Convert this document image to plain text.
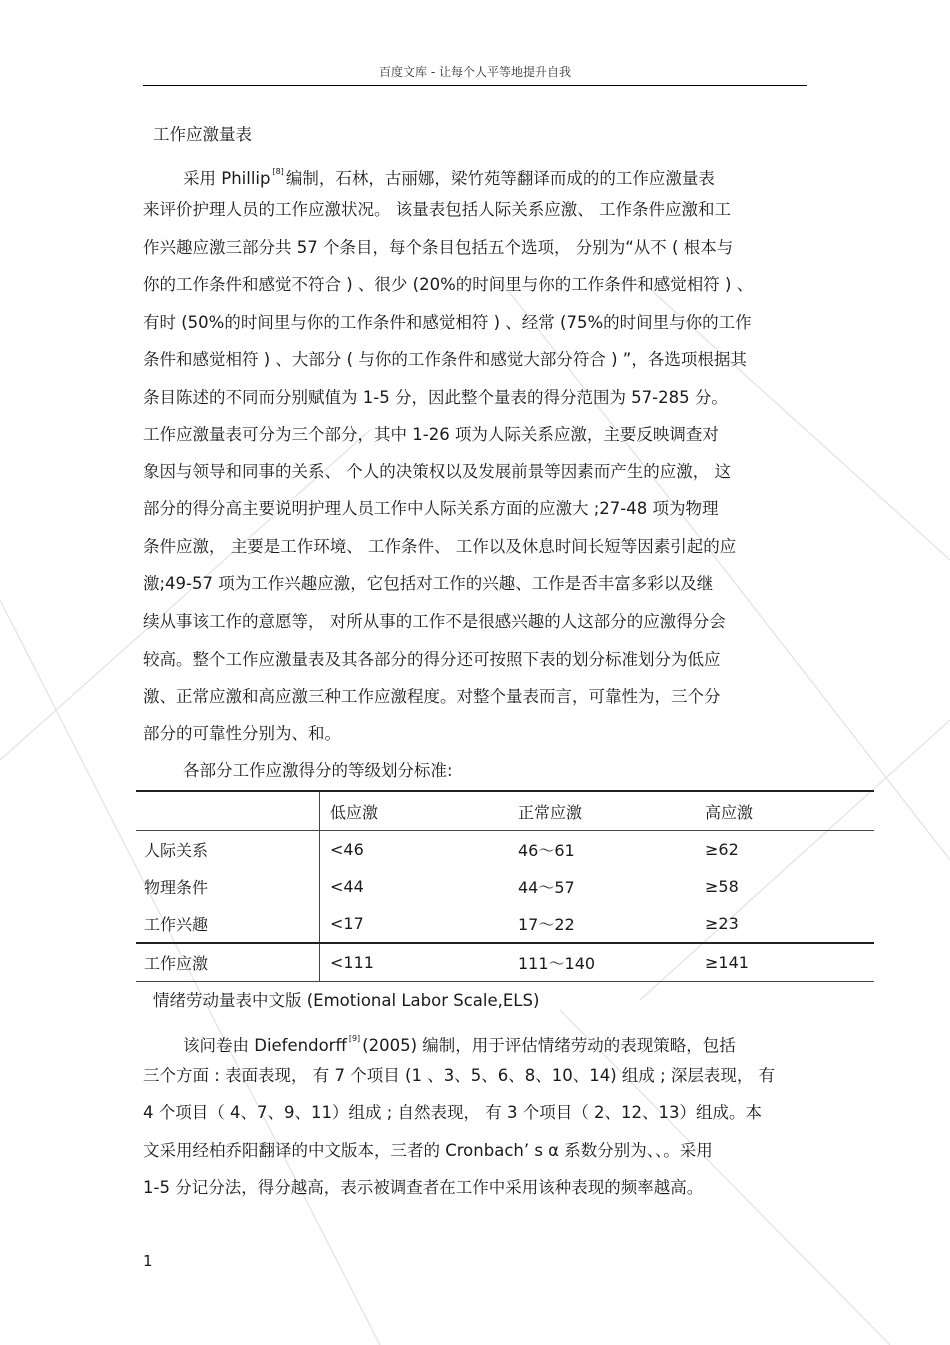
百度文库 - 让每个人平等地提升自我
工作应激量表
采用 Phillip [8] 编制，石林，古丽娜，梁竹苑等翻译而成的的工作应激量表
来评价护理人员的工作应激状况。 该量表包括人际关系应激、 工作条件应激和工
作兴趣应激三部分共 57 个条目，每个条目包括五个选项， 分别为“从不 ( 根本与
你的工作条件和感觉不符合 ) 、很少 (20%的时间里与你的工作条件和感觉相符 ) 、
有时 (50%的时间里与你的工作条件和感觉相符 ) 、经常 (75%的时间里与你的工作
条件和感觉相符 ) 、大部分 ( 与你的工作条件和感觉大部分符合 ) ”，各选项根据其
条目陈述的不同而分别赋值为 1-5 分，因此整个量表的得分范围为 57-285 分。
工作应激量表可分为三个部分，其中 1-26 项为人际关系应激，主要反映调查对
象因与领导和同事的关系、 个人的决策权以及发展前景等因素而产生的应激， 这
部分的得分高主要说明护理人员工作中人际关系方面的应激大 ;27-48 项为物理
条件应激， 主要是工作环境、 工作条件、 工作以及休息时间长短等因素引起的应
激;49-57 项为工作兴趣应激，它包括对工作的兴趣、工作是否丰富多彩以及继
续从事该工作的意愿等， 对所从事的工作不是很感兴趣的人这部分的应激得分会
较高。整个工作应激量表及其各部分的得分还可按照下表的划分标准划分为低应
激、正常应激和高应激三种工作应激程度。对整个量表而言，可靠性为，三个分
部分的可靠性分别为、和。
各部分工作应激得分的等级划分标准:
	低应激	正常应激	高应激
人际关系	<46	46～61	≥62
物理条件	<44	44～57	≥58
工作兴趣	<17	17～22	≥23
工作应激	<111	111～140	≥141
情绪劳动量表中文版 (Emotional Labor Scale,ELS)
该问卷由 Diefendorff [9] (2005) 编制，用于评估情绪劳动的表现策略，包括
三个方面 : 表面表现， 有 7 个项目 (1 、3、5、6、8、10、14) 组成 ; 深层表现， 有
4 个项目（ 4、7、9、11）组成 ; 自然表现， 有 3 个项目（ 2、12、13）组成。本
文采用经柏乔阳翻译的中文版本，三者的 Cronbach’ s α 系数分别为、、。采用
1-5 分记分法，得分越高，表示被调查者在工作中采用该种表现的频率越高。
1
